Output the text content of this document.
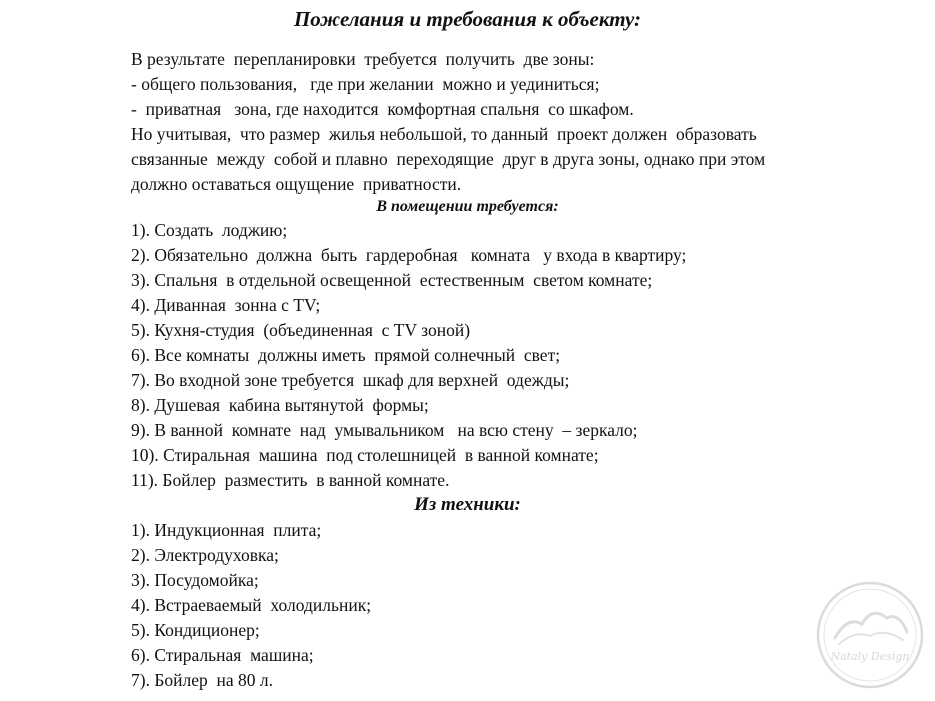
Пожелания и требования к объекту:

В результате  перепланировки  требуется  получить  две зоны:

- общего пользования,   где при желании  можно и уединиться;

-  приватная   зона, где находится  комфортная спальня  со шкафом.

Но учитывая,  что размер  жилья небольшой, то данный  проект должен  образовать

связанные  между  собой и плавно  переходящие  друг в друга зоны, однако при этом

должно оставаться ощущение  приватности.

В помещении требуется:

1). Создать  лоджию;

2). Обязательно  должна  быть  гардеробная   комната   у входа в квартиру;

3). Спальня  в отдельной освещенной  естественным  светом комнате;

4). Диванная  зонна с TV;

5). Кухня-студия  (объединенная  с TV зоной)

6). Все комнаты  должны иметь  прямой солнечный  свет;

7). Во входной зоне требуется  шкаф для верхней  одежды;

8). Душевая  кабина вытянутой  формы;

9). В ванной  комнате  над  умывальником   на всю стену  – зеркало;

10). Стиральная  машина  под столешницей  в ванной комнате;

11). Бойлер  разместить  в ванной комнате.

Из техники:

1). Индукционная  плита;

2). Электродуховка;

3). Посудомойка;

4). Встраеваемый  холодильник;

5). Кондиционер;

6). Стиральная  машина;

7). Бойлер  на 80 л.

Nataly Design
